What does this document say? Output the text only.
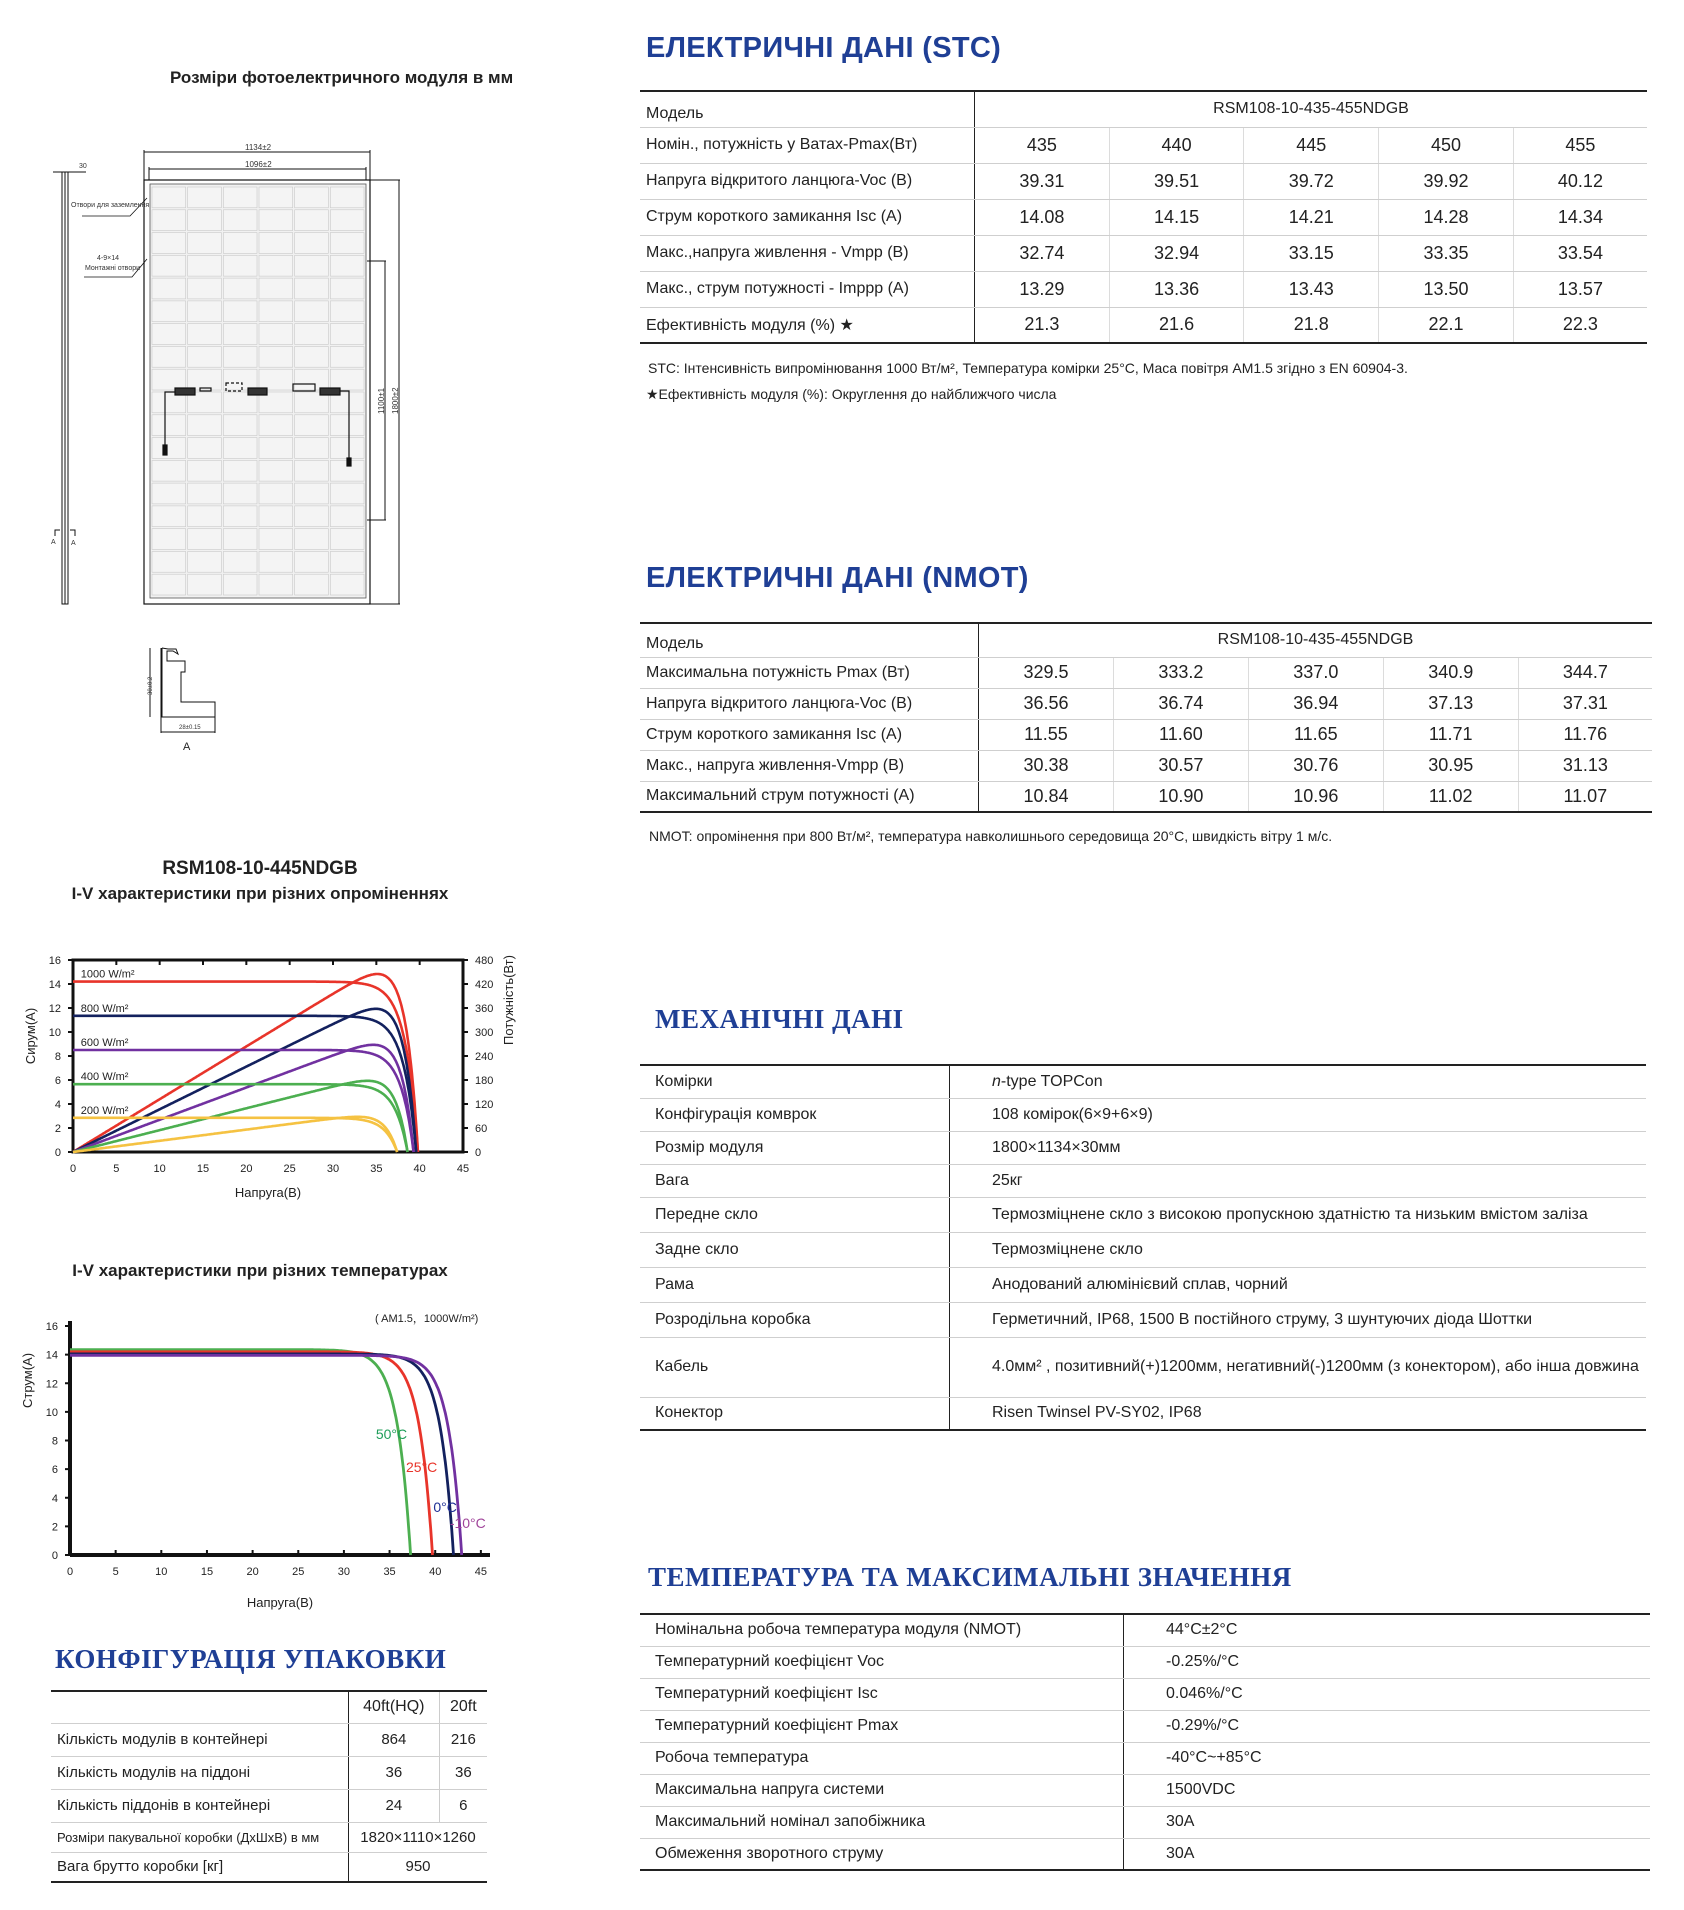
Розміри фотоелектричного модуля в мм
30
A A
1134±2
1096±2
1100±1 1800±2
Отвори для заземлення
4-9×14
Монтажні отвори
30±0.2
28±0.15
A
RSM108-10-445NDGB
I-V характеристики при різних опроміненнях
0	5	10	15	20	25	30	35	40	45
0
2
4
6
8
10
12
14
16
0
60
120
180
240
300
360
420
480
Напруга(В)
Сирум(A)	Потужність(Вт)
1000 W/m²
800 W/m²
600 W/m²
400 W/m²
200 W/m²
I-V характеристики при різних температурах
0	5	10	15	20	25	30	35	40	45
0
2
4
6
8
10
12
14
16
( AM1.5，1000W/m²)
Напруга(В)
Струм(A)
50°C
25°C
0°C
-10°C
КОНФІГУРАЦІЯ УПАКОВКИ
	40ft(HQ)	20ft
Кількість модулів в контейнері	864	216
Кількість модулів на піддоні	36	36
Кількість піддонів в контейнері	24	6
Розміри пакувальної коробки (ДхШхВ) в мм	1820×1110×1260	
Вага брутто коробки [кг]	950	
ЕЛЕКТРИЧНІ ДАНІ (STC)
Модель	RSM108-10-435-455NDGB				
Номін., потужність у Ватах-Pmax(Вт)	435	440	445	450	455
Напруга відкритого ланцюга-Voc (В)	39.31	39.51	39.72	39.92	40.12
Струм короткого замикання Isc (A)	14.08	14.15	14.21	14.28	14.34
Макс.,напруга живлення - Vmpp (В)	32.74	32.94	33.15	33.35	33.54
Макс., струм потужності - Imppp (A)	13.29	13.36	13.43	13.50	13.57
Ефективність модуля (%) ★	21.3	21.6	21.8	22.1	22.3
STC: Інтенсивність випромінювання 1000 Вт/м², Температура комірки 25°C, Маса повітря AM1.5 згідно з EN 60904-3.
★Ефективність модуля (%): Округлення до найближчого числа
ЕЛЕКТРИЧНІ ДАНІ (NMOT)
Модель	RSM108-10-435-455NDGB				
Максимальна потужність Pmax (Вт)	329.5	333.2	337.0	340.9	344.7
Напруга відкритого ланцюга-Voc (В)	36.56	36.74	36.94	37.13	37.31
Струм короткого замикання Isc (A)	11.55	11.60	11.65	11.71	11.76
Макс., напруга живлення-Vmpp (В)	30.38	30.57	30.76	30.95	31.13
Максимальний струм потужності (A)	10.84	10.90	10.96	11.02	11.07
NMOT: опромінення при 800 Вт/м², температура навколишнього середовища 20°C, швидкість вітру 1 м/с.
МЕХАНІЧНІ ДАНІ
Комірки	n-type TOPCon
Конфігурація комврок	108 комірок(6×9+6×9)
Розмір модуля	1800×1134×30мм
Вага	25кг
Передне скло	Термозміцнене скло з високою пропускною здатністю та низьким вмістом заліза
Задне скло	Термозміцнене скло
Рама	Анодований алюмінієвий сплав, чорний
Розродільна коробка	Герметичний, IP68, 1500 В постійного струму, 3 шунтуючих діода Шоттки
Кабель	4.0мм² , позитивний(+)1200мм, негативний(-)1200мм (з конектором), або інша довжина
Конектор	Risen Twinsel PV-SY02, IP68
ТЕМПЕРАТУРА ТА МАКСИМАЛЬНІ ЗНАЧЕННЯ
Номінальна робоча температура модуля (NMOT)	44°C±2°C
Температурний коефіцієнт Voc	-0.25%/°C
Температурний коефіцієнт Isc	0.046%/°C
Температурний коефіцієнт Pmax	-0.29%/°C
Робоча температура	-40°C~+85°C
Максимальна напруга системи	1500VDC
Максимальний номінал запобіжника	30A
Обмеження зворотного струму	30A
